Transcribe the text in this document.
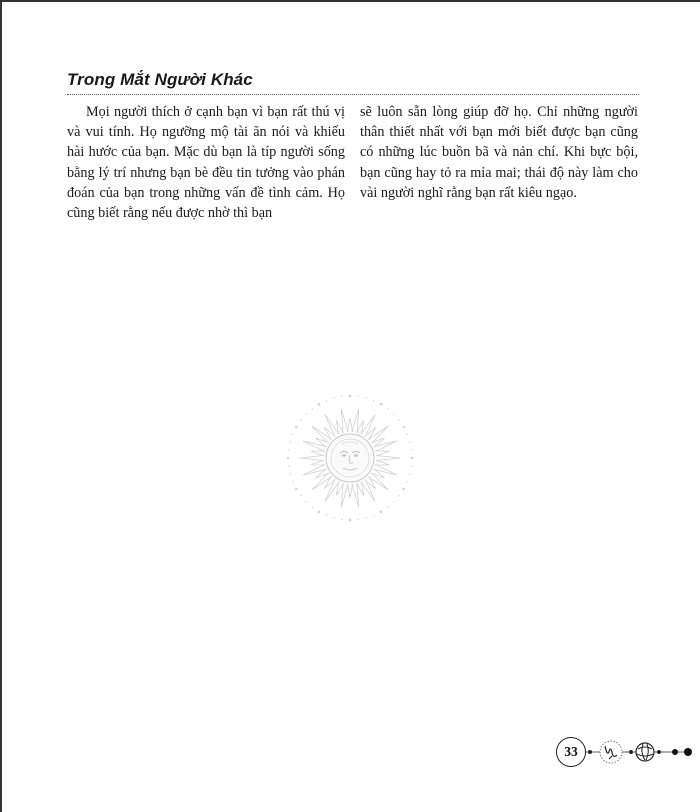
Trong Mắt Người Khác

Mọi người thích ở cạnh bạn vì bạn rất thú vị và vui tính. Họ ngưỡng mộ tài ăn nói và khiếu hài hước của bạn. Mặc dù bạn là típ người sống bằng lý trí nhưng bạn bè đều tin tưởng vào phán đoán của bạn trong những vấn đề tình cảm. Họ cũng biết rằng nếu được nhờ thì bạn

sẽ luôn sẵn lòng giúp đỡ họ. Chỉ những người thân thiết nhất với bạn mới biết được bạn cũng có những lúc buồn bã và nản chí. Khi bực bội, bạn cũng hay tỏ ra mỉa mai; thái độ này làm cho vài người nghĩ rằng bạn rất kiêu ngạo.

33
